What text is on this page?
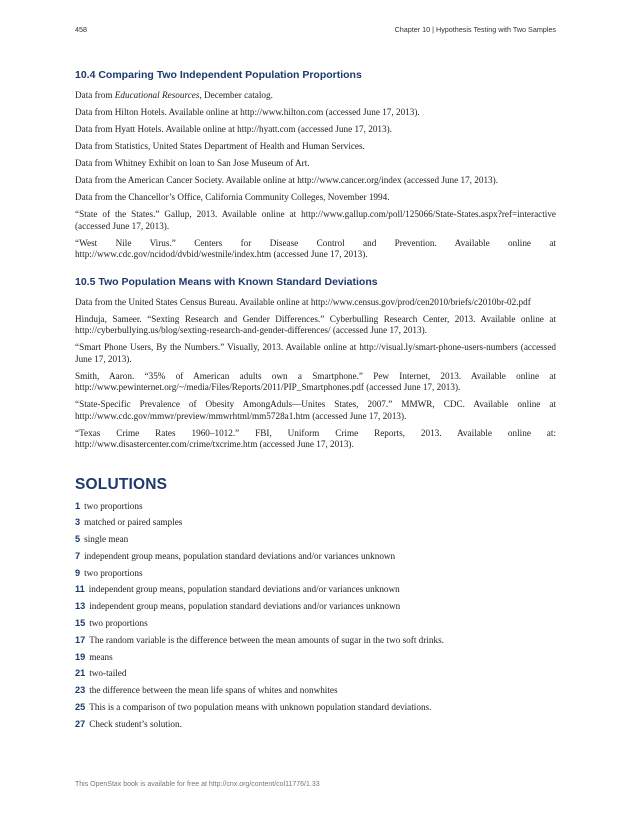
458	Chapter 10 | Hypothesis Testing with Two Samples
10.4 Comparing Two Independent Population Proportions

Data from Educational Resources, December catalog.

Data from Hilton Hotels. Available online at http://www.hilton.com (accessed June 17, 2013).

Data from Hyatt Hotels. Available online at http://hyatt.com (accessed June 17, 2013).

Data from Statistics, United States Department of Health and Human Services.

Data from Whitney Exhibit on loan to San Jose Museum of Art.

Data from the American Cancer Society. Available online at http://www.cancer.org/index (accessed June 17, 2013).

Data from the Chancellor’s Office, California Community Colleges, November 1994.

“State of the States.” Gallup, 2013. Available online at http://www.gallup.com/poll/125066/State-States.aspx?ref=interactive (accessed June 17, 2013).

“West Nile Virus.” Centers for Disease Control and Prevention. Available online at http://www.cdc.gov/ncidod/dvbid/westnile/index.htm (accessed June 17, 2013).

10.5 Two Population Means with Known Standard Deviations

Data from the United States Census Bureau. Available online at http://www.census.gov/prod/cen2010/briefs/c2010br-02.pdf

Hinduja, Sameer. “Sexting Research and Gender Differences.” Cyberbulling Research Center, 2013. Available online at http://cyberbullying.us/blog/sexting-research-and-gender-differences/ (accessed June 17, 2013).

“Smart Phone Users, By the Numbers.” Visually, 2013. Available online at http://visual.ly/smart-phone-users-numbers (accessed June 17, 2013).

Smith, Aaron. “35% of American adults own a Smartphone.” Pew Internet, 2013. Available online at http://www.pewinternet.org/~/media/Files/Reports/2011/PIP_Smartphones.pdf (accessed June 17, 2013).

“State-Specific Prevalence of Obesity AmongAduls—Unites States, 2007.” MMWR, CDC. Available online at http://www.cdc.gov/mmwr/preview/mmwrhtml/mm5728a1.htm (accessed June 17, 2013).

“Texas Crime Rates 1960–1012.” FBI, Uniform Crime Reports, 2013. Available online at: http://www.disastercenter.com/crime/txcrime.htm (accessed June 17, 2013).

SOLUTIONS
1 two proportions
3 matched or paired samples
5 single mean
7 independent group means, population standard deviations and/or variances unknown
9 two proportions
11 independent group means, population standard deviations and/or variances unknown
13 independent group means, population standard deviations and/or variances unknown
15 two proportions
17 The random variable is the difference between the mean amounts of sugar in the two soft drinks.
19 means
21 two-tailed
23 the difference between the mean life spans of whites and nonwhites
25 This is a comparison of two population means with unknown population standard deviations.
27 Check student’s solution.
This OpenStax book is available for free at http://cnx.org/content/col11776/1.33
